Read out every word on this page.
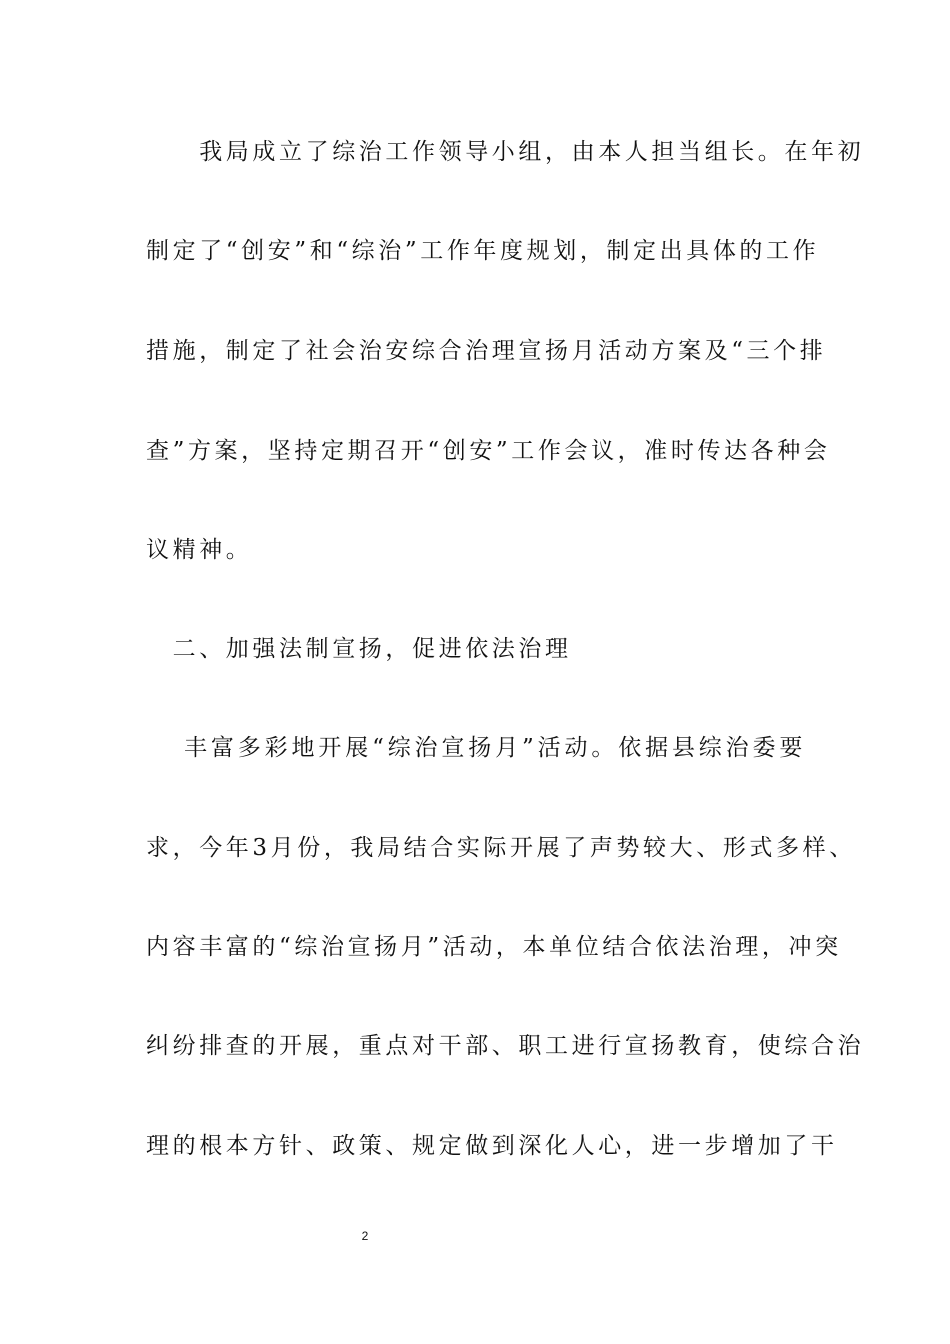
　　我局成立了综治工作领导小组，由本人担当组长。在年初
制定了“创安”和“综治”工作年度规划，制定出具体的工作
措施，制定了社会治安综合治理宣扬月活动方案及“三个排
查”方案，坚持定期召开“创安”工作会议，准时传达各种会
议精神。
　二、加强法制宣扬，促进依法治理
　 丰富多彩地开展“综治宣扬月”活动。依据县综治委要
求，今年3月份，我局结合实际开展了声势较大、形式多样、
内容丰富的“综治宣扬月”活动，本单位结合依法治理，冲突
纠纷排查的开展，重点对干部、职工进行宣扬教育，使综合治
理的根本方针、政策、规定做到深化人心，进一步增加了干
2
